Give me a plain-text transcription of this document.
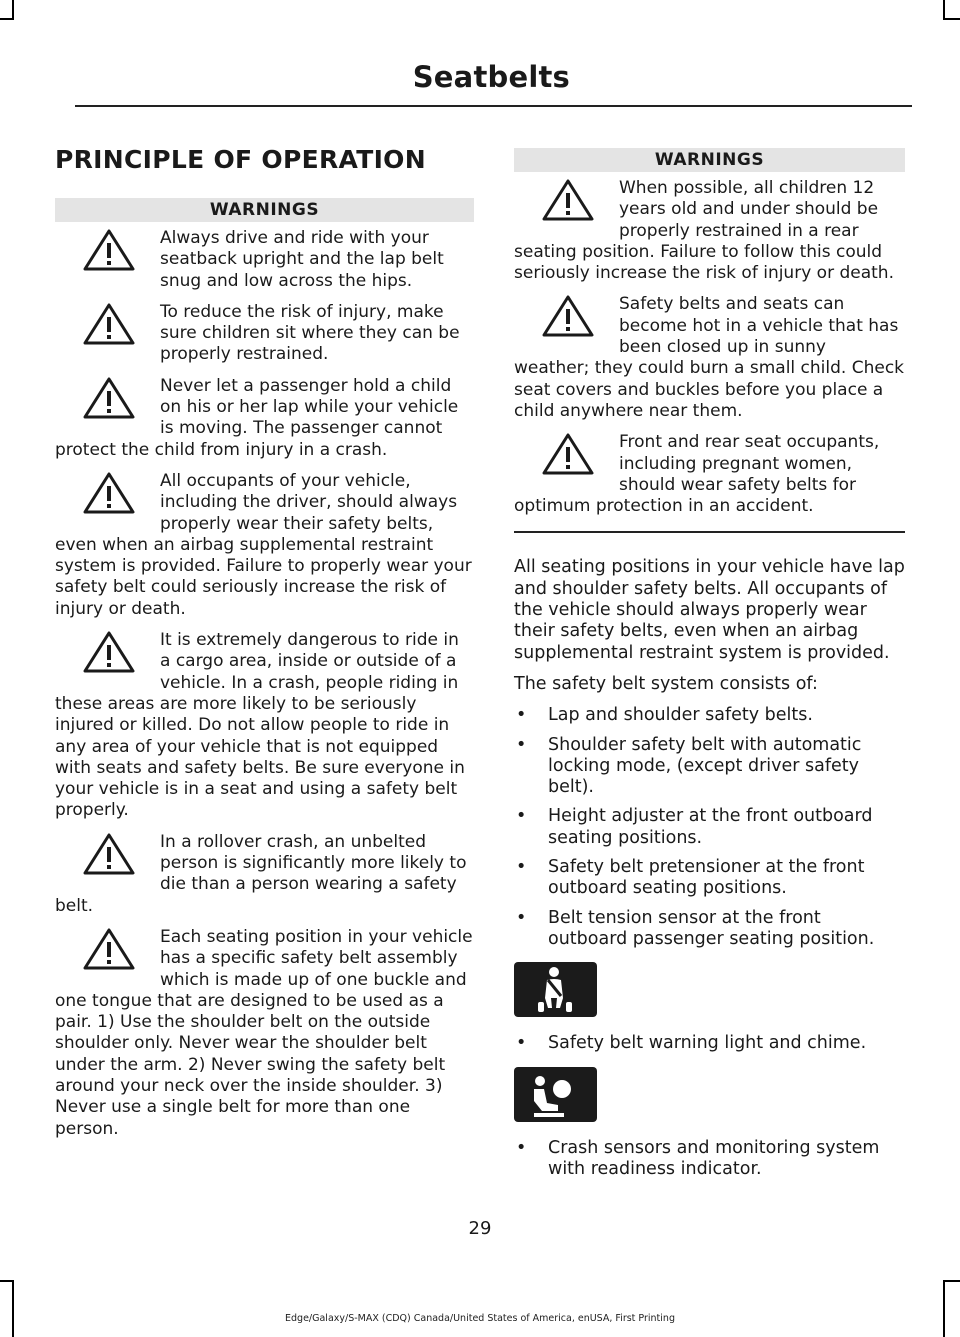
Seatbelts
PRINCIPLE OF OPERATION
WARNINGS
Always drive and ride with your seatback upright and the lap belt snug and low across the hips.
To reduce the risk of injury, make sure children sit where they can be properly restrained.
Never let a passenger hold a child on his or her lap while your vehicle is moving. The passenger cannot protect the child from injury in a crash.
All occupants of your vehicle, including the driver, should always properly wear their safety belts, even when an airbag supplemental restraint system is provided. Failure to properly wear your safety belt could seriously increase the risk of injury or death.
It is extremely dangerous to ride in a cargo area, inside or outside of a vehicle. In a crash, people riding in these areas are more likely to be seriously injured or killed. Do not allow people to ride in any area of your vehicle that is not equipped with seats and safety belts. Be sure everyone in your vehicle is in a seat and using a safety belt properly.
In a rollover crash, an unbelted person is significantly more likely to die than a person wearing a safety belt.
Each seating position in your vehicle has a specific safety belt assembly which is made up of one buckle and one tongue that are designed to be used as a pair. 1) Use the shoulder belt on the outside shoulder only. Never wear the shoulder belt under the arm. 2) Never swing the safety belt around your neck over the inside shoulder. 3) Never use a single belt for more than one person.
WARNINGS
When possible, all children 12 years old and under should be properly restrained in a rear seating position. Failure to follow this could seriously increase the risk of injury or death.
Safety belts and seats can become hot in a vehicle that has been closed up in sunny weather; they could burn a small child. Check seat covers and buckles before you place a child anywhere near them.
Front and rear seat occupants, including pregnant women, should wear safety belts for optimum protection in an accident.

All seating positions in your vehicle have lap and shoulder safety belts. All occupants of the vehicle should always properly wear their safety belts, even when an airbag supplemental restraint system is provided.

The safety belt system consists of:

• Lap and shoulder safety belts.
• Shoulder safety belt with automatic locking mode, (except driver safety belt).
• Height adjuster at the front outboard seating positions.
• Safety belt pretensioner at the front outboard seating positions.
• Belt tension sensor at the front outboard passenger seating position.
• Safety belt warning light and chime.
• Crash sensors and monitoring system with readiness indicator.
29
Edge/Galaxy/S-MAX (CDQ) Canada/United States of America, enUSA, First Printing
